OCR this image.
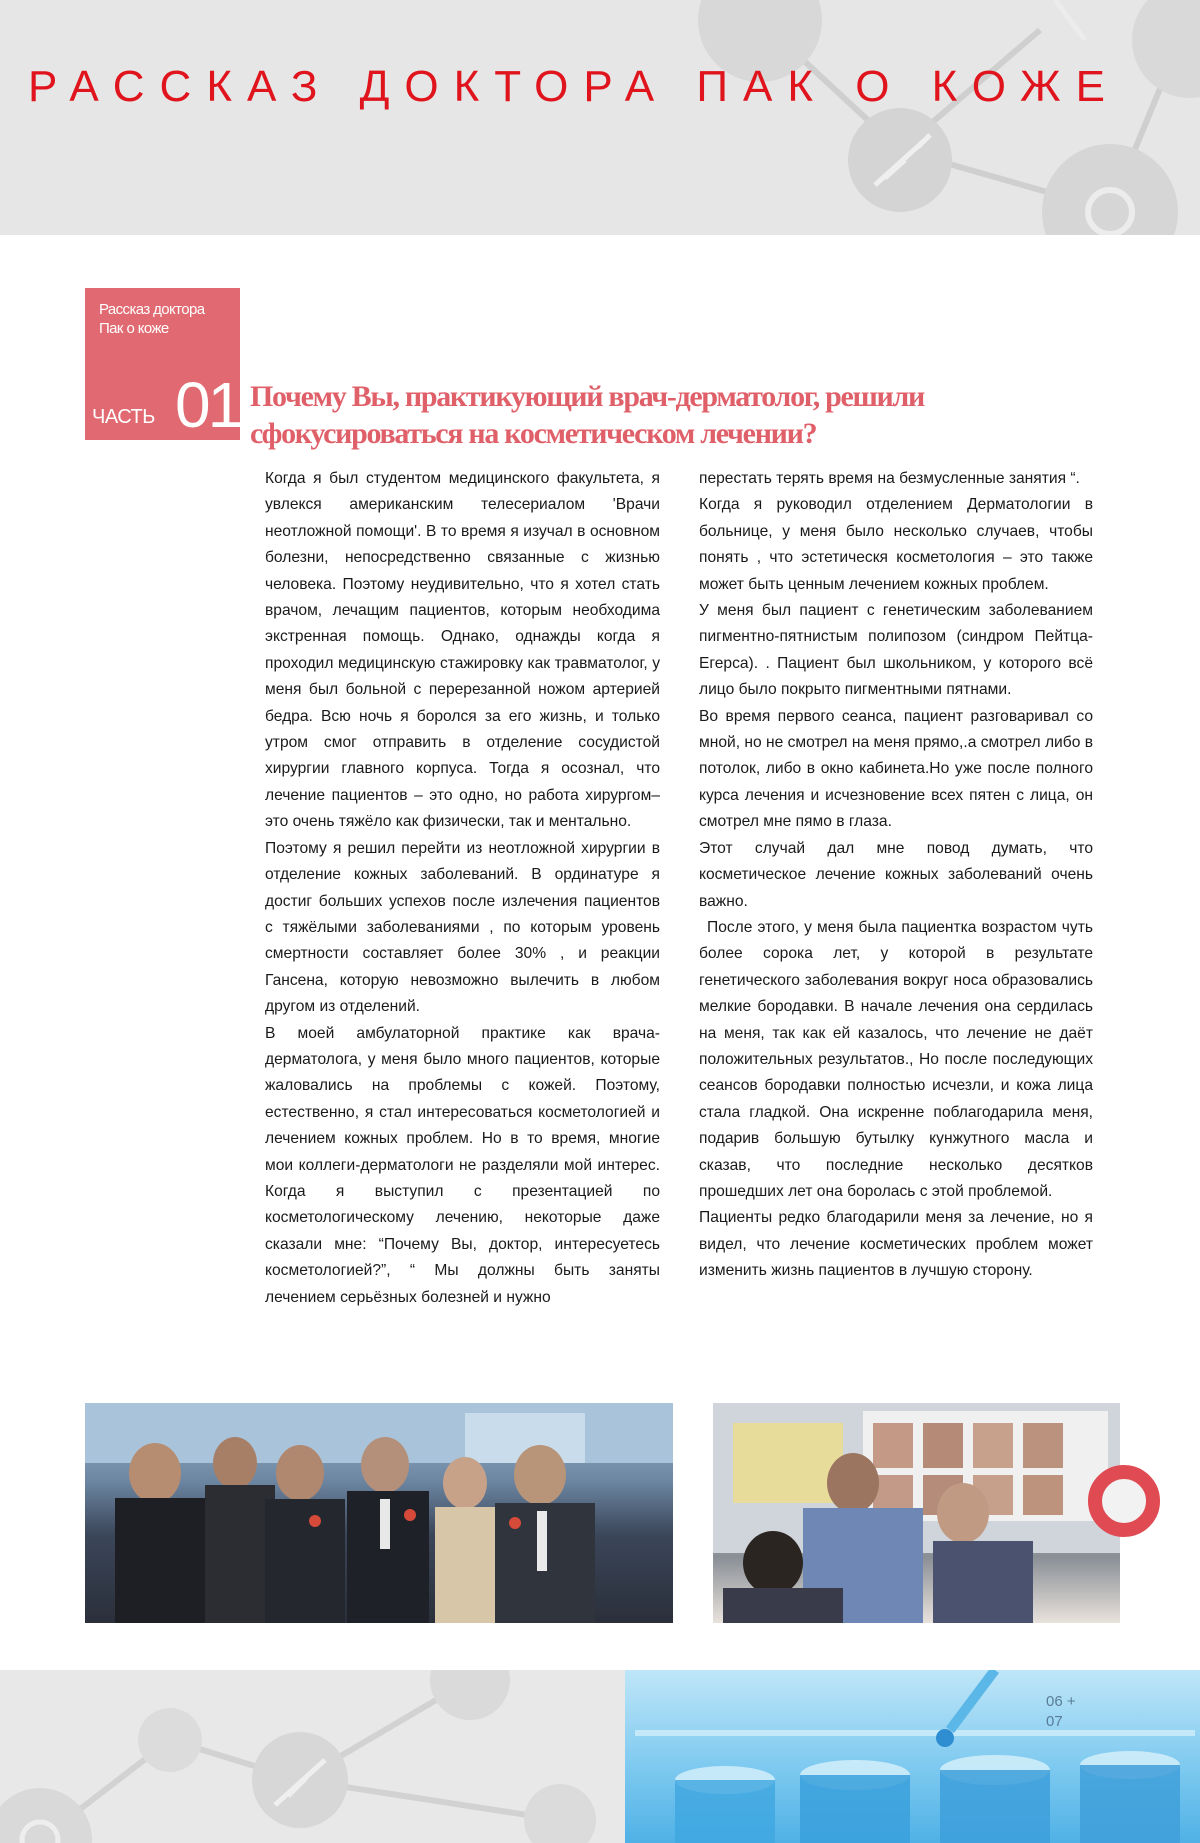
РАССКАЗ ДОКТОРА ПАК О КОЖЕ
Рассказ доктора Пак о коже
ЧАСТЬ 01 Почему Вы, практикующий врач-дерматолог, решили сфокусироваться на косметическом лечении?

Когда я был студентом медицинского факультета, я увлекся американским телесериалом 'Врачи неотложной помощи'. В то время я изучал в основном болезни, непосредственно связанные с жизнью человека. Поэтому неудивительно, что я хотел стать врачом, лечащим пациентов, которым необходима экстренная помощь. Однако, однажды когда я проходил медицинскую стажировку как травматолог, у меня был больной с перерезанной ножом артерией бедра. Всю ночь я боролся за его жизнь, и только утром смог отправить в отделение сосудистой хирургии главного корпуса. Тогда я осознал, что лечение пациентов – это одно, но работа хирургом– это очень тяжёло как физически, так и ментально.

Поэтому я решил перейти из неотложной хирургии в отделение кожных заболеваний. В ординатуре я достиг больших успехов после излечения пациентов с тяжёлыми заболеваниями , по которым уровень смертности составляет более 30% , и реакции Гансена, которую невозможно вылечить в любом другом из отделений.

В моей амбулаторной практике как врача-дерматолога, у меня было много пациентов, которые жаловались на проблемы с кожей. Поэтому, естественно, я стал интересоваться косметологией и лечением кожных проблем. Но в то время, многие мои коллеги-дерматологи не разделяли мой интерес. Когда я выступил с презентацией по косметологическому лечению, некоторые даже сказали мне: “Почему Вы, доктор, интересуетесь косметологией?”, “ Мы должны быть заняты лечением серьёзных болезней и нужно

перестать терять время на безмусленные занятия “.

Когда я руководил отделением Дерматологии в больнице, у меня было несколько случаев, чтобы понять , что эстетическя косметология – это также может быть ценным лечением кожных проблем.

У меня был пациент с генетическим заболеванием пигментно-пятнистым полипозом (синдром Пейтца-Егерса). . Пациент был школьником, у которого всё лицо было покрыто пигментными пятнами.

Во время первого сеанса, пациент разговаривал со мной, но не смотрел на меня прямо,.а смотрел либо в потолок, либо в окно кабинета.Но уже после полного курса лечения и исчезновение всех пятен с лица, он смотрел мне пямо в глаза.

Этот случай дал мне повод думать, что косметическое лечение кожных заболеваний очень важно.

После этого, у меня была пациентка возрастом чуть более сорока лет, у которой в результате генетического заболевания вокруг носа образовались мелкие бородавки. В начале лечения она сердилась на меня, так как ей казалось, что лечение не даёт положительных результатов., Но после последующих сеансов бородавки полностью исчезли, и кожа лица стала гладкой. Она искренне поблагодарила меня, подарив большую бутылку кунжутного масла и сказав, что последние несколько десятков прошедших лет она боролась с этой проблемой.

Пациенты редко благодарили меня за лечение, но я видел, что лечение косметических проблем может изменить жизнь пациентов в лучшую сторону.

06 + 07
